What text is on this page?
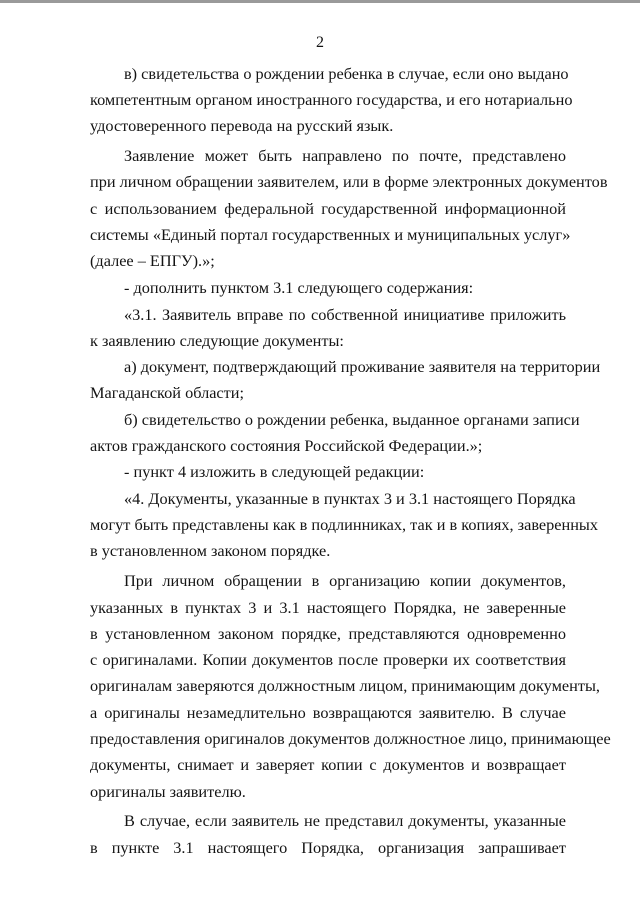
2
в) свидетельства о рождении ребенка в случае, если оно выдано
компетентным органом иностранного государства, и его нотариально
удостоверенного перевода на русский язык.
Заявление может быть направлено по почте, представлено
при личном обращении заявителем, или в форме электронных документов
с использованием федеральной государственной информационной
системы «Единый портал государственных и муниципальных услуг»
(далее – ЕПГУ).»;
- дополнить пунктом 3.1 следующего содержания:
«3.1. Заявитель вправе по собственной инициативе приложить
к заявлению следующие документы:
а) документ, подтверждающий проживание заявителя на территории
Магаданской области;
б) свидетельство о рождении ребенка, выданное органами записи
актов гражданского состояния Российской Федерации.»;
- пункт 4 изложить в следующей редакции:
«4. Документы, указанные в пунктах 3 и 3.1 настоящего Порядка
могут быть представлены как в подлинниках, так и в копиях, заверенных
в установленном законом порядке.
При личном обращении в организацию копии документов,
указанных в пунктах 3 и 3.1 настоящего Порядка, не заверенные
в установленном законом порядке, представляются одновременно
с оригиналами. Копии документов после проверки их соответствия
оригиналам заверяются должностным лицом, принимающим документы,
а оригиналы незамедлительно возвращаются заявителю. В случае
предоставления оригиналов документов должностное лицо, принимающее
документы, снимает и заверяет копии с документов и возвращает
оригиналы заявителю.
В случае, если заявитель не представил документы, указанные
в пункте 3.1 настоящего Порядка, организация запрашивает
